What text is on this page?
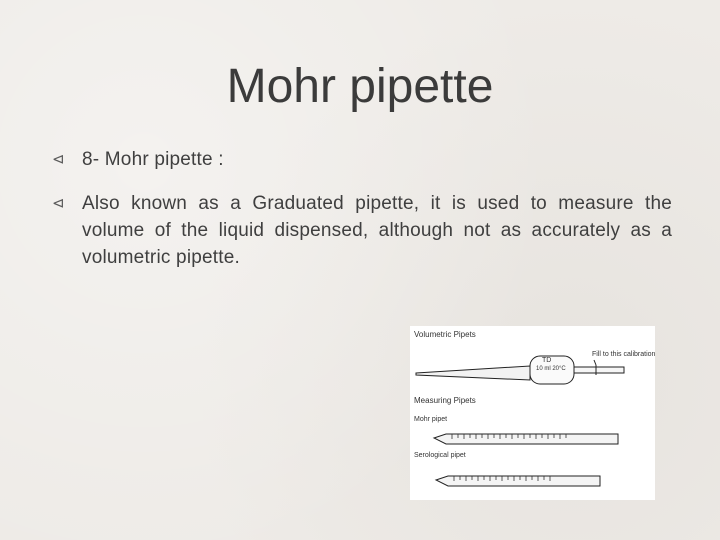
Mohr pipette
⊲ 8- Mohr pipette :
⊲ Also known as a Graduated pipette, it is used to measure the volume of the liquid dispensed, although not as accurately as a volumetric pipette.
Volumetric Pipets
Fill to this calibration
TD
10 ml 20°C
Measuring Pipets
Mohr pipet
Serological pipet
